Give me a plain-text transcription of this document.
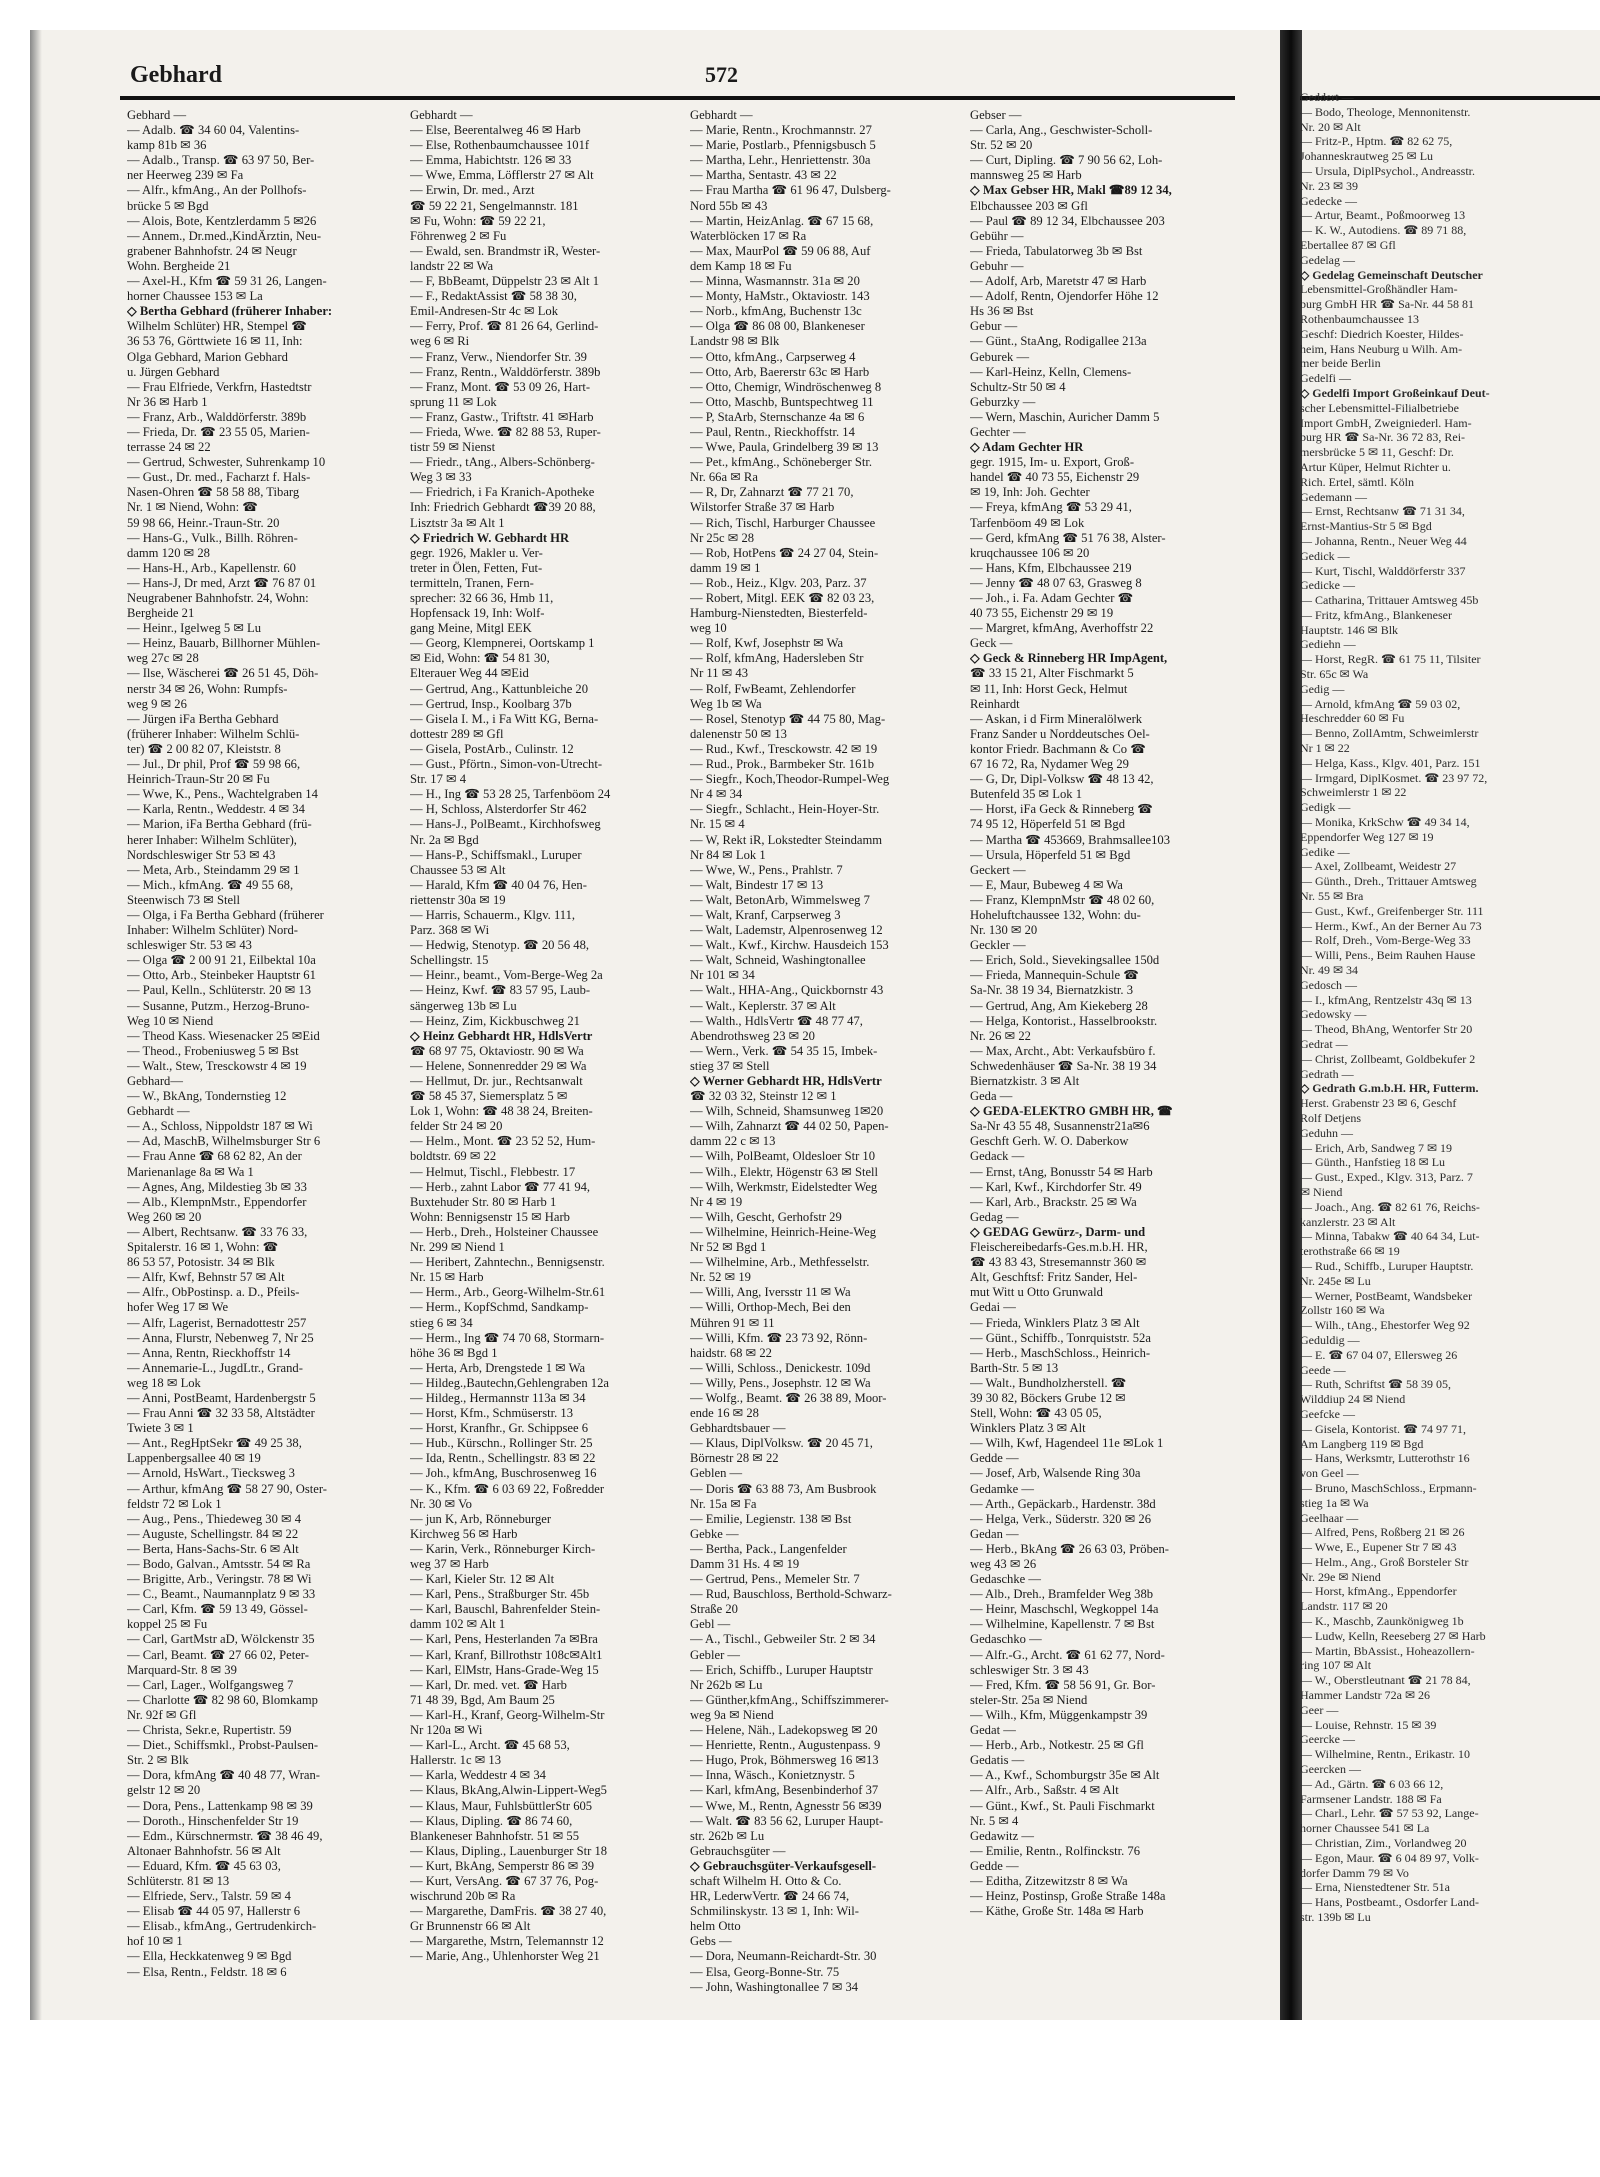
Gebhard	572
Gebhard —
— Adalb. ☎ 34 60 04, Valentins-
kamp 81b ✉ 36
— Adalb., Transp. ☎ 63 97 50, Ber-
ner Heerweg 239 ✉ Fa
— Alfr., kfmAng., An der Pollhofs-
brücke 5 ✉ Bgd
— Alois, Bote, Kentzlerdamm 5 ✉26
— Annem., Dr.med.,KindÄrztin, Neu-
grabener Bahnhofstr. 24 ✉ Neugr
Wohn. Bergheide 21
— Axel-H., Kfm ☎ 59 31 26, Langen-
horner Chaussee 153 ✉ La
◇ Bertha Gebhard (früherer Inhaber:
Wilhelm Schlüter) HR, Stempel ☎
36 53 76, Görttwiete 16 ✉ 11, Inh:
Olga Gebhard, Marion Gebhard
u. Jürgen Gebhard
— Frau Elfriede, Verkfrn, Hastedtstr
Nr 36 ✉ Harb 1
— Franz, Arb., Walddörferstr. 389b
— Frieda, Dr. ☎ 23 55 05, Marien-
terrasse 24 ✉ 22
— Gertrud, Schwester, Suhrenkamp 10
— Gust., Dr. med., Facharzt f. Hals-
Nasen-Ohren ☎ 58 58 88, Tibarg
Nr. 1 ✉ Niend, Wohn: ☎
59 98 66, Heinr.-Traun-Str. 20
— Hans-G., Vulk., Billh. Röhren-
damm 120 ✉ 28
— Hans-H., Arb., Kapellenstr. 60
— Hans-J, Dr med, Arzt ☎ 76 87 01
Neugrabener Bahnhofstr. 24, Wohn:
Bergheide 21
— Heinr., Igelweg 5 ✉ Lu
— Heinz, Bauarb, Billhorner Mühlen-
weg 27c ✉ 28
— Ilse, Wäscherei ☎ 26 51 45, Döh-
nerstr 34 ✉ 26, Wohn: Rumpfs-
weg 9 ✉ 26
— Jürgen iFa Bertha Gebhard
(früherer Inhaber: Wilhelm Schlü-
ter) ☎ 2 00 82 07, Kleiststr. 8
— Jul., Dr phil, Prof ☎ 59 98 66,
Heinrich-Traun-Str 20 ✉ Fu
— Wwe, K., Pens., Wachtelgraben 14
— Karla, Rentn., Weddestr. 4 ✉ 34
— Marion, iFa Bertha Gebhard (frü-
herer Inhaber: Wilhelm Schlüter),
Nordschleswiger Str 53 ✉ 43
— Meta, Arb., Steindamm 29 ✉ 1
— Mich., kfmAng. ☎ 49 55 68,
Steenwisch 73 ✉ Stell
— Olga, i Fa Bertha Gebhard (früherer
Inhaber: Wilhelm Schlüter) Nord-
schleswiger Str. 53 ✉ 43
— Olga ☎ 2 00 91 21, Eilbektal 10a
— Otto, Arb., Steinbeker Hauptstr 61
— Paul, Kelln., Schlüterstr. 20 ✉ 13
— Susanne, Putzm., Herzog-Bruno-
Weg 10 ✉ Niend
— Theod Kass. Wiesenacker 25 ✉Eid
— Theod., Frobeniusweg 5 ✉ Bst
— Walt., Stew, Tresckowstr 4 ✉ 19
Gebhard—
— W., BkAng, Tondernstieg 12
Gebhardt —
— A., Schloss, Nippoldstr 187 ✉ Wi
— Ad, MaschB, Wilhelmsburger Str 6
— Frau Anne ☎ 68 62 82, An der
Marienanlage 8a ✉ Wa 1
— Agnes, Ang, Mildestieg 3b ✉ 33
— Alb., KlempnMstr., Eppendorfer
Weg 260 ✉ 20
— Albert, Rechtsanw. ☎ 33 76 33,
Spitalerstr. 16 ✉ 1, Wohn: ☎
86 53 57, Potosistr. 34 ✉ Blk
— Alfr, Kwf, Behnstr 57 ✉ Alt
— Alfr., ObPostinsp. a. D., Pfeils-
hofer Weg 17 ✉ We
— Alfr, Lagerist, Bernadottestr 257
— Anna, Flurstr, Nebenweg 7, Nr 25
— Anna, Rentn, Rieckhoffstr 14
— Annemarie-L., JugdLtr., Grand-
weg 18 ✉ Lok
— Anni, PostBeamt, Hardenbergstr 5
— Frau Anni ☎ 32 33 58, Altstädter
Twiete 3 ✉ 1
— Ant., RegHptSekr ☎ 49 25 38,
Lappenbergsallee 40 ✉ 19
— Arnold, HsWart., Tiecksweg 3
— Arthur, kfmAng ☎ 58 27 90, Oster-
feldstr 72 ✉ Lok 1
— Aug., Pens., Thiedeweg 30 ✉ 4
— Auguste, Schellingstr. 84 ✉ 22
— Berta, Hans-Sachs-Str. 6 ✉ Alt
— Bodo, Galvan., Amtsstr. 54 ✉ Ra
— Brigitte, Arb., Veringstr. 78 ✉ Wi
— C., Beamt., Naumannplatz 9 ✉ 33
— Carl, Kfm. ☎ 59 13 49, Gössel-
koppel 25 ✉ Fu
— Carl, GartMstr aD, Wölckenstr 35
— Carl, Beamt. ☎ 27 66 02, Peter-
Marquard-Str. 8 ✉ 39
— Carl, Lager., Wolfgangsweg 7
— Charlotte ☎ 82 98 60, Blomkamp
Nr. 92f ✉ Gfl
— Christa, Sekr.e, Rupertistr. 59
— Diet., Schiffsmkl., Probst-Paulsen-
Str. 2 ✉ Blk
— Dora, kfmAng ☎ 40 48 77, Wran-
gelstr 12 ✉ 20
— Dora, Pens., Lattenkamp 98 ✉ 39
— Doroth., Hinschenfelder Str 19
— Edm., Kürschnermstr. ☎ 38 46 49,
Altonaer Bahnhofstr. 56 ✉ Alt
— Eduard, Kfm. ☎ 45 63 03,
Schlüterstr. 81 ✉ 13
— Elfriede, Serv., Talstr. 59 ✉ 4
— Elisab ☎ 44 05 97, Hallerstr 6
— Elisab., kfmAng., Gertrudenkirch-
hof 10 ✉ 1
— Ella, Heckkatenweg 9 ✉ Bgd
— Elsa, Rentn., Feldstr. 18 ✉ 6
Gebhardt —
— Else, Beerentalweg 46 ✉ Harb
— Else, Rothenbaumchaussee 101f
— Emma, Habichtstr. 126 ✉ 33
— Wwe, Emma, Löfflerstr 27 ✉ Alt
— Erwin, Dr. med., Arzt
☎ 59 22 21, Sengelmannstr. 181
✉ Fu, Wohn: ☎ 59 22 21,
Föhrenweg 2 ✉ Fu
— Ewald, sen. Brandmstr iR, Wester-
landstr 22 ✉ Wa
— F, BbBeamt, Düppelstr 23 ✉ Alt 1
— F., RedaktAssist ☎ 58 38 30,
Emil-Andresen-Str 4c ✉ Lok
— Ferry, Prof. ☎ 81 26 64, Gerlind-
weg 6 ✉ Ri
— Franz, Verw., Niendorfer Str. 39
— Franz, Rentn., Walddörferstr. 389b
— Franz, Mont. ☎ 53 09 26, Hart-
sprung 11 ✉ Lok
— Franz, Gastw., Triftstr. 41 ✉Harb
— Frieda, Wwe. ☎ 82 88 53, Ruper-
tistr 59 ✉ Nienst
— Friedr., tAng., Albers-Schönberg-
Weg 3 ✉ 33
— Friedrich, i Fa Kranich-Apotheke
Inh: Friedrich Gebhardt ☎39 20 88,
Lisztstr 3a ✉ Alt 1
◇ Friedrich W. Gebhardt HR
gegr. 1926, Makler u. Ver-
treter in Ölen, Fetten, Fut-
termitteln, Tranen, Fern-
sprecher: 32 66 36, Hmb 11,
Hopfensack 19, Inh: Wolf-
gang Meine, Mitgl EEK
— Georg, Klempnerei, Oortskamp 1
✉ Eid, Wohn: ☎ 54 81 30,
Elterauer Weg 44 ✉Eid
— Gertrud, Ang., Kattunbleiche 20
— Gertrud, Insp., Koolbarg 37b
— Gisela I. M., i Fa Witt KG, Berna-
dottestr 289 ✉ Gfl
— Gisela, PostArb., Culinstr. 12
— Gust., Pförtn., Simon-von-Utrecht-
Str. 17 ✉ 4
— H., Ing ☎ 53 28 25, Tarfenböom 24
— H, Schloss, Alsterdorfer Str 462
— Hans-J., PolBeamt., Kirchhofsweg
Nr. 2a ✉ Bgd
— Hans-P., Schiffsmakl., Luruper
Chaussee 53 ✉ Alt
— Harald, Kfm ☎ 40 04 76, Hen-
riettenstr 30a ✉ 19
— Harris, Schauerm., Klgv. 111,
Parz. 368 ✉ Wi
— Hedwig, Stenotyp. ☎ 20 56 48,
Schellingstr. 15
— Heinr., beamt., Vom-Berge-Weg 2a
— Heinz, Kwf. ☎ 83 57 95, Laub-
sängerweg 13b ✉ Lu
— Heinz, Zim, Kickbuschweg 21
◇ Heinz Gebhardt HR, HdlsVertr
☎ 68 97 75, Oktaviostr. 90 ✉ Wa
— Helene, Sonnenredder 29 ✉ Wa
— Hellmut, Dr. jur., Rechtsanwalt
☎ 58 45 37, Siemersplatz 5 ✉
Lok 1, Wohn: ☎ 48 38 24, Breiten-
felder Str 24 ✉ 20
— Helm., Mont. ☎ 23 52 52, Hum-
boldtstr. 69 ✉ 22
— Helmut, Tischl., Flebbestr. 17
— Herb., zahnt Labor ☎ 77 41 94,
Buxtehuder Str. 80 ✉ Harb 1
Wohn: Bennigsenstr 15 ✉ Harb
— Herb., Dreh., Holsteiner Chaussee
Nr. 299 ✉ Niend 1
— Heribert, Zahntechn., Bennigsenstr.
Nr. 15 ✉ Harb
— Herm., Arb., Georg-Wilhelm-Str.61
— Herm., KopfSchmd, Sandkamp-
stieg 6 ✉ 34
— Herm., Ing ☎ 74 70 68, Stormarn-
höhe 36 ✉ Bgd 1
— Herta, Arb, Drengstede 1 ✉ Wa
— Hildeg.,Bautechn,Gehlengraben 12a
— Hildeg., Hermannstr 113a ✉ 34
— Horst, Kfm., Schmüserstr. 13
— Horst, Kranfhr., Gr. Schippsee 6
— Hub., Kürschn., Rollinger Str. 25
— Ida, Rentn., Schellingstr. 83 ✉ 22
— Joh., kfmAng, Buschrosenweg 16
— K., Kfm. ☎ 6 03 69 22, Foßredder
Nr. 30 ✉ Vo
— jun K, Arb, Rönneburger
Kirchweg 56 ✉ Harb
— Karin, Verk., Rönneburger Kirch-
weg 37 ✉ Harb
— Karl, Kieler Str. 12 ✉ Alt
— Karl, Pens., Straßburger Str. 45b
— Karl, Bauschl, Bahrenfelder Stein-
damm 102 ✉ Alt 1
— Karl, Pens, Hesterlanden 7a ✉Bra
— Karl, Kranf, Billrothstr 108c✉Alt1
— Karl, ElMstr, Hans-Grade-Weg 15
— Karl, Dr. med. vet. ☎ Harb
71 48 39, Bgd, Am Baum 25
— Karl-H., Kranf, Georg-Wilhelm-Str
Nr 120a ✉ Wi
— Karl-L., Archt. ☎ 45 68 53,
Hallerstr. 1c ✉ 13
— Karla, Weddestr 4 ✉ 34
— Klaus, BkAng,Alwin-Lippert-Weg5
— Klaus, Maur, FuhlsbüttlerStr 605
— Klaus, Dipling. ☎ 86 74 60,
Blankeneser Bahnhofstr. 51 ✉ 55
— Klaus, Dipling., Lauenburger Str 18
— Kurt, BkAng, Semperstr 86 ✉ 39
— Kurt, VersAng. ☎ 67 37 76, Pog-
wischrund 20b ✉ Ra
— Margarethe, DamFris. ☎ 38 27 40,
Gr Brunnenstr 66 ✉ Alt
— Margarethe, Mstrn, Telemannstr 12
— Marie, Ang., Uhlenhorster Weg 21
Gebhardt —
— Marie, Rentn., Krochmannstr. 27
— Marie, Postlarb., Pfennigsbusch 5
— Martha, Lehr., Henriettenstr. 30a
— Martha, Sentastr. 43 ✉ 22
— Frau Martha ☎ 61 96 47, Dulsberg-
Nord 55b ✉ 43
— Martin, HeizAnlag. ☎ 67 15 68,
Waterblöcken 17 ✉ Ra
— Max, MaurPol ☎ 59 06 88, Auf
dem Kamp 18 ✉ Fu
— Minna, Wasmannstr. 31a ✉ 20
— Monty, HaMstr., Oktaviostr. 143
— Norb., kfmAng, Buchenstr 13c
— Olga ☎ 86 08 00, Blankeneser
Landstr 98 ✉ Blk
— Otto, kfmAng., Carpserweg 4
— Otto, Arb, Baererstr 63c ✉ Harb
— Otto, Chemigr, Windröschenweg 8
— Otto, Maschb, Buntspechtweg 11
— P, StaArb, Sternschanze 4a ✉ 6
— Paul, Rentn., Rieckhoffstr. 14
— Wwe, Paula, Grindelberg 39 ✉ 13
— Pet., kfmAng., Schöneberger Str.
Nr. 66a ✉ Ra
— R, Dr, Zahnarzt ☎ 77 21 70,
Wilstorfer Straße 37 ✉ Harb
— Rich, Tischl, Harburger Chaussee
Nr 25c ✉ 28
— Rob, HotPens ☎ 24 27 04, Stein-
damm 19 ✉ 1
— Rob., Heiz., Klgv. 203, Parz. 37
— Robert, Mitgl. EEK ☎ 82 03 23,
Hamburg-Nienstedten, Biesterfeld-
weg 10
— Rolf, Kwf, Josephstr ✉ Wa
— Rolf, kfmAng, Hadersleben Str
Nr 11 ✉ 43
— Rolf, FwBeamt, Zehlendorfer
Weg 1b ✉ Wa
— Rosel, Stenotyp ☎ 44 75 80, Mag-
dalenenstr 50 ✉ 13
— Rud., Kwf., Tresckowstr. 42 ✉ 19
— Rud., Prok., Barmbeker Str. 161b
— Siegfr., Koch,Theodor-Rumpel-Weg
Nr 4 ✉ 34
— Siegfr., Schlacht., Hein-Hoyer-Str.
Nr. 15 ✉ 4
— W, Rekt iR, Lokstedter Steindamm
Nr 84 ✉ Lok 1
— Wwe, W., Pens., Prahlstr. 7
— Walt, Bindestr 17 ✉ 13
— Walt, BetonArb, Wimmelsweg 7
— Walt, Kranf, Carpserweg 3
— Walt, Lademstr, Alpenrosenweg 12
— Walt., Kwf., Kirchw. Hausdeich 153
— Walt, Schneid, Washingtonallee
Nr 101 ✉ 34
— Walt., HHA-Ang., Quickbornstr 43
— Walt., Keplerstr. 37 ✉ Alt
— Walth., HdlsVertr ☎ 48 77 47,
Abendrothsweg 23 ✉ 20
— Wern., Verk. ☎ 54 35 15, Imbek-
stieg 37 ✉ Stell
◇ Werner Gebhardt HR, HdlsVertr
☎ 32 03 32, Steinstr 12 ✉ 1
— Wilh, Schneid, Shamsunweg 1✉20
— Wilh, Zahnarzt ☎ 44 02 50, Papen-
damm 22 c ✉ 13
— Wilh, PolBeamt, Oldesloer Str 10
— Wilh., Elektr, Högenstr 63 ✉ Stell
— Wilh, Werkmstr, Eidelstedter Weg
Nr 4 ✉ 19
— Wilh, Gescht, Gerhofstr 29
— Wilhelmine, Heinrich-Heine-Weg
Nr 52 ✉ Bgd 1
— Wilhelmine, Arb., Methfesselstr.
Nr. 52 ✉ 19
— Willi, Ang, Iversstr 11 ✉ Wa
— Willi, Orthop-Mech, Bei den
Mühren 91 ✉ 11
— Willi, Kfm. ☎ 23 73 92, Rönn-
haidstr. 68 ✉ 22
— Willi, Schloss., Denickestr. 109d
— Willy, Pens., Josephstr. 12 ✉ Wa
— Wolfg., Beamt. ☎ 26 38 89, Moor-
ende 16 ✉ 28
Gebhardtsbauer —
— Klaus, DiplVolksw. ☎ 20 45 71,
Börnestr 28 ✉ 22
Geblen —
— Doris ☎ 63 88 73, Am Busbrook
Nr. 15a ✉ Fa
— Emilie, Legienstr. 138 ✉ Bst
Gebke —
— Bertha, Pack., Langenfelder
Damm 31 Hs. 4 ✉ 19
— Gertrud, Pens., Memeler Str. 7
— Rud, Bauschloss, Berthold-Schwarz-
Straße 20
Gebl —
— A., Tischl., Gebweiler Str. 2 ✉ 34
Gebler —
— Erich, Schiffb., Luruper Hauptstr
Nr 262b ✉ Lu
— Günther,kfmAng., Schiffszimmerer-
weg 9a ✉ Niend
— Helene, Näh., Ladekopsweg ✉ 20
— Henriette, Rentn., Augustenpass. 9
— Hugo, Prok, Böhmersweg 16 ✉13
— Inna, Wäsch., Konietznystr. 5
— Karl, kfmAng, Besenbinderhof 37
— Wwe, M., Rentn, Agnesstr 56 ✉39
— Walt. ☎ 83 56 62, Luruper Haupt-
str. 262b ✉ Lu
Gebrauchsgüter —
◇ Gebrauchsgüter-Verkaufsgesell-
schaft Wilhelm H. Otto & Co.
HR, LederwVertr. ☎ 24 66 74,
Schmilinskystr. 13 ✉ 1, Inh: Wil-
helm Otto
Gebs —
— Dora, Neumann-Reichardt-Str. 30
— Elsa, Georg-Bonne-Str. 75
— John, Washingtonallee 7 ✉ 34
Gebser —
— Carla, Ang., Geschwister-Scholl-
Str. 52 ✉ 20
— Curt, Dipling. ☎ 7 90 56 62, Loh-
mannsweg 25 ✉ Harb
◇ Max Gebser HR, Makl ☎89 12 34,
Elbchaussee 203 ✉ Gfl
— Paul ☎ 89 12 34, Elbchaussee 203
Gebühr —
— Frieda, Tabulatorweg 3b ✉ Bst
Gebuhr —
— Adolf, Arb, Maretstr 47 ✉ Harb
— Adolf, Rentn, Ojendorfer Höhe 12
Hs 36 ✉ Bst
Gebur —
— Günt., StaAng, Rodigallee 213a
Geburek —
— Karl-Heinz, Kelln, Clemens-
Schultz-Str 50 ✉ 4
Geburzky —
— Wern, Maschin, Auricher Damm 5
Gechter —
◇ Adam Gechter HR
gegr. 1915, Im- u. Export, Groß-
handel ☎ 40 73 55, Eichenstr 29
✉ 19, Inh: Joh. Gechter
— Freya, kfmAng ☎ 53 29 41,
Tarfenböom 49 ✉ Lok
— Gerd, kfmAng ☎ 51 76 38, Alster-
kruqchaussee 106 ✉ 20
— Hans, Kfm, Elbchaussee 219
— Jenny ☎ 48 07 63, Grasweg 8
— Joh., i. Fa. Adam Gechter ☎
40 73 55, Eichenstr 29 ✉ 19
— Margret, kfmAng, Averhoffstr 22
Geck —
◇ Geck & Rinneberg HR ImpAgent,
☎ 33 15 21, Alter Fischmarkt 5
✉ 11, Inh: Horst Geck, Helmut
Reinhardt
— Askan, i d Firm Mineralölwerk
Franz Sander u Norddeutsches Oel-
kontor Friedr. Bachmann & Co ☎
67 16 72, Ra, Nydamer Weg 29
— G, Dr, Dipl-Volksw ☎ 48 13 42,
Butenfeld 35 ✉ Lok 1
— Horst, iFa Geck & Rinneberg ☎
74 95 12, Höperfeld 51 ✉ Bgd
— Martha ☎ 453669, Brahmsallee103
— Ursula, Höperfeld 51 ✉ Bgd
Geckert —
— E, Maur, Bubeweg 4 ✉ Wa
— Franz, KlempnMstr ☎ 48 02 60,
Hoheluftchaussee 132, Wohn: du-
Nr. 130 ✉ 20
Geckler —
— Erich, Sold., Sievekingsallee 150d
— Frieda, Mannequin-Schule ☎
Sa-Nr. 38 19 34, Biernatzkistr. 3
— Gertrud, Ang, Am Kiekeberg 28
— Helga, Kontorist., Hasselbrookstr.
Nr. 26 ✉ 22
— Max, Archt., Abt: Verkaufsbüro f.
Schwedenhäuser ☎ Sa-Nr. 38 19 34
Biernatzkistr. 3 ✉ Alt
Geda —
◇ GEDA-ELEKTRO GMBH HR, ☎
Sa-Nr 43 55 48, Susannenstr21a✉6
Geschft Gerh. W. O. Daberkow
Gedack —
— Ernst, tAng, Bonusstr 54 ✉ Harb
— Karl, Kwf., Kirchdorfer Str. 49
— Karl, Arb., Brackstr. 25 ✉ Wa
Gedag —
◇ GEDAG Gewürz-, Darm- und
Fleischereibedarfs-Ges.m.b.H. HR,
☎ 43 83 43, Stresemannstr 360 ✉
Alt, Geschftsf: Fritz Sander, Hel-
mut Witt u Otto Grunwald
Gedai —
— Frieda, Winklers Platz 3 ✉ Alt
— Günt., Schiffb., Tonrquiststr. 52a
— Herb., MaschSchloss., Heinrich-
Barth-Str. 5 ✉ 13
— Walt., Bundholzherstell. ☎
39 30 82, Böckers Grube 12 ✉
Stell, Wohn: ☎ 43 05 05,
Winklers Platz 3 ✉ Alt
— Wilh, Kwf, Hagendeel 11e ✉Lok 1
Gedde —
— Josef, Arb, Walsende Ring 30a
Gedamke —
— Arth., Gepäckarb., Hardenstr. 38d
— Helga, Verk., Süderstr. 320 ✉ 26
Gedan —
— Herb., BkAng ☎ 26 63 03, Pröben-
weg 43 ✉ 26
Gedaschke —
— Alb., Dreh., Bramfelder Weg 38b
— Heinr, Maschschl, Wegkoppel 14a
— Wilhelmine, Kapellenstr. 7 ✉ Bst
Gedaschko —
— Alfr.-G., Archt. ☎ 61 62 77, Nord-
schleswiger Str. 3 ✉ 43
— Fred, Kfm. ☎ 58 56 91, Gr. Bor-
steler-Str. 25a ✉ Niend
— Wilh., Kfm, Müggenkampstr 39
Gedat —
— Herb., Arb., Notkestr. 25 ✉ Gfl
Gedatis —
— A., Kwf., Schomburgstr 35e ✉ Alt
— Alfr., Arb., Saßstr. 4 ✉ Alt
— Günt., Kwf., St. Pauli Fischmarkt
Nr. 5 ✉ 4
Gedawitz —
— Emilie, Rentn., Rolfinckstr. 76
Gedde —
— Editha, Zitzewitzstr 8 ✉ Wa
— Heinz, Postinsp, Große Straße 148a
— Käthe, Große Str. 148a ✉ Harb
Geddert —
— Bodo, Theologe, Mennonitenstr.
Nr. 20 ✉ Alt
— Fritz-P., Hptm. ☎ 82 62 75,
Johanneskrautweg 25 ✉ Lu
— Ursula, DiplPsychol., Andreasstr.
Nr. 23 ✉ 39
Gedecke —
— Artur, Beamt., Poßmoorweg 13
— K. W., Autodiens. ☎ 89 71 88,
Ebertallee 87 ✉ Gfl
Gedelag —
◇ Gedelag Gemeinschaft Deutscher
Lebensmittel-Großhändler Ham-
burg GmbH HR ☎ Sa-Nr. 44 58 81
Rothenbaumchaussee 13
Geschf: Diedrich Koester, Hildes-
heim, Hans Neuburg u Wilh. Am-
mer beide Berlin
Gedelfi —
◇ Gedelfi Import Großeinkauf Deut-
scher Lebensmittel-Filialbetriebe
Import GmbH, Zweigniederl. Ham-
burg HR ☎ Sa-Nr. 36 72 83, Rei-
mersbrücke 5 ✉ 11, Geschf: Dr.
Artur Küper, Helmut Richter u.
Rich. Ertel, sämtl. Köln
Gedemann —
— Ernst, Rechtsanw ☎ 71 31 34,
Ernst-Mantius-Str 5 ✉ Bgd
— Johanna, Rentn., Neuer Weg 44
Gedick —
— Kurt, Tischl, Walddörferstr 337
Gedicke —
— Catharina, Trittauer Amtsweg 45b
— Fritz, kfmAng., Blankeneser
Hauptstr. 146 ✉ Blk
Gediehn —
— Horst, RegR. ☎ 61 75 11, Tilsiter
Str. 65c ✉ Wa
Gedig —
— Arnold, kfmAng ☎ 59 03 02,
Heschredder 60 ✉ Fu
— Benno, ZollAmtm, Schweimlerstr
Nr 1 ✉ 22
— Helga, Kass., Klgv. 401, Parz. 151
— Irmgard, DiplKosmet. ☎ 23 97 72,
Schweimlerstr 1 ✉ 22
Gedigk —
— Monika, KrkSchw ☎ 49 34 14,
Eppendorfer Weg 127 ✉ 19
Gedike —
— Axel, Zollbeamt, Weidestr 27
— Günth., Dreh., Trittauer Amtsweg
Nr. 55 ✉ Bra
— Gust., Kwf., Greifenberger Str. 111
— Herm., Kwf., An der Berner Au 73
— Rolf, Dreh., Vom-Berge-Weg 33
— Willi, Pens., Beim Rauhen Hause
Nr. 49 ✉ 34
Gedosch —
— I., kfmAng, Rentzelstr 43q ✉ 13
Gedowsky —
— Theod, BhAng, Wentorfer Str 20
Gedrat —
— Christ, Zollbeamt, Goldbekufer 2
Gedrath —
◇ Gedrath G.m.b.H. HR, Futterm.
Herst. Grabenstr 23 ✉ 6, Geschf
Rolf Detjens
Geduhn —
— Erich, Arb, Sandweg 7 ✉ 19
— Günth., Hanfstieg 18 ✉ Lu
— Gust., Exped., Klgv. 313, Parz. 7
✉ Niend
— Joach., Ang. ☎ 82 61 76, Reichs-
kanzlerstr. 23 ✉ Alt
— Minna, Tabakw ☎ 40 64 34, Lut-
terothstraße 66 ✉ 19
— Rud., Schiffb., Luruper Hauptstr.
Nr. 245e ✉ Lu
— Werner, PostBeamt, Wandsbeker
Zollstr 160 ✉ Wa
— Wilh., tAng., Ehestorfer Weg 92
Geduldig —
— E. ☎ 67 04 07, Ellersweg 26
Geede —
— Ruth, Schriftst ☎ 58 39 05,
Wilddiup 24 ✉ Niend
Geefcke —
— Gisela, Kontorist. ☎ 74 97 71,
Am Langberg 119 ✉ Bgd
— Hans, Werksmtr, Lutterothstr 16
von Geel —
— Bruno, MaschSchloss., Erpmann-
stieg 1a ✉ Wa
Geelhaar —
— Alfred, Pens, Roßberg 21 ✉ 26
— Wwe, E., Eupener Str 7 ✉ 43
— Helm., Ang., Groß Borsteler Str
Nr. 29e ✉ Niend
— Horst, kfmAng., Eppendorfer
Landstr. 117 ✉ 20
— K., Maschb, Zaunkönigweg 1b
— Ludw, Kelln, Reeseberg 27 ✉ Harb
— Martin, BbAssist., Hoheazollern-
ring 107 ✉ Alt
— W., Oberstleutnant ☎ 21 78 84,
Hammer Landstr 72a ✉ 26
Geer —
— Louise, Rehnstr. 15 ✉ 39
Geercke —
— Wilhelmine, Rentn., Erikastr. 10
Geercken —
— Ad., Gärtn. ☎ 6 03 66 12,
Farmsener Landstr. 188 ✉ Fa
— Charl., Lehr. ☎ 57 53 92, Lange-
horner Chaussee 541 ✉ La
— Christian, Zim., Vorlandweg 20
— Egon, Maur. ☎ 6 04 89 97, Volk-
dorfer Damm 79 ✉ Vo
— Erna, Nienstedtener Str. 51a
— Hans, Postbeamt., Osdorfer Land-
str. 139b ✉ Lu
